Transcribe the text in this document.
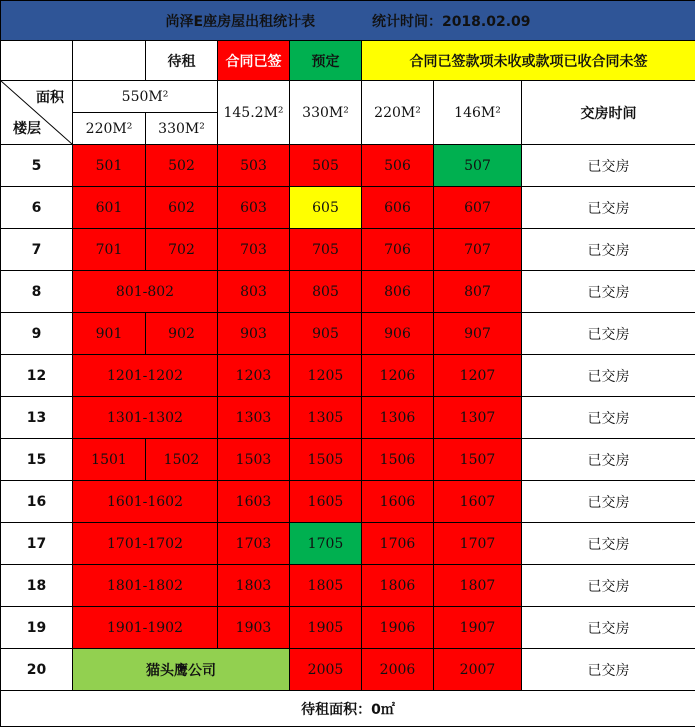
尚泽E座房屋出租统计表 统计时间：2018.02.09							
		待租	合同已签	预定	合同已签款项未收或款项已收合同未签		

面积
楼层	550M²		145.2M²	330M²	220M²	146M²	交房时间
	220M²	330M²					
5	501	502	503	505	506	507	已交房
6	601	602	603	605	606	607	已交房
7	701	702	703	705	706	707	已交房
8	801-802		803	805	806	807	已交房
9	901	902	903	905	906	907	已交房
12	1201-1202		1203	1205	1206	1207	已交房
13	1301-1302		1303	1305	1306	1307	已交房
15	1501	1502	1503	1505	1506	1507	已交房
16	1601-1602		1603	1605	1606	1607	已交房
17	1701-1702		1703	1705	1706	1707	已交房
18	1801-1802		1803	1805	1806	1807	已交房
19	1901-1902		1903	1905	1906	1907	已交房
20	猫头鹰公司			2005	2006	2007	已交房
待租面积：0㎡							
